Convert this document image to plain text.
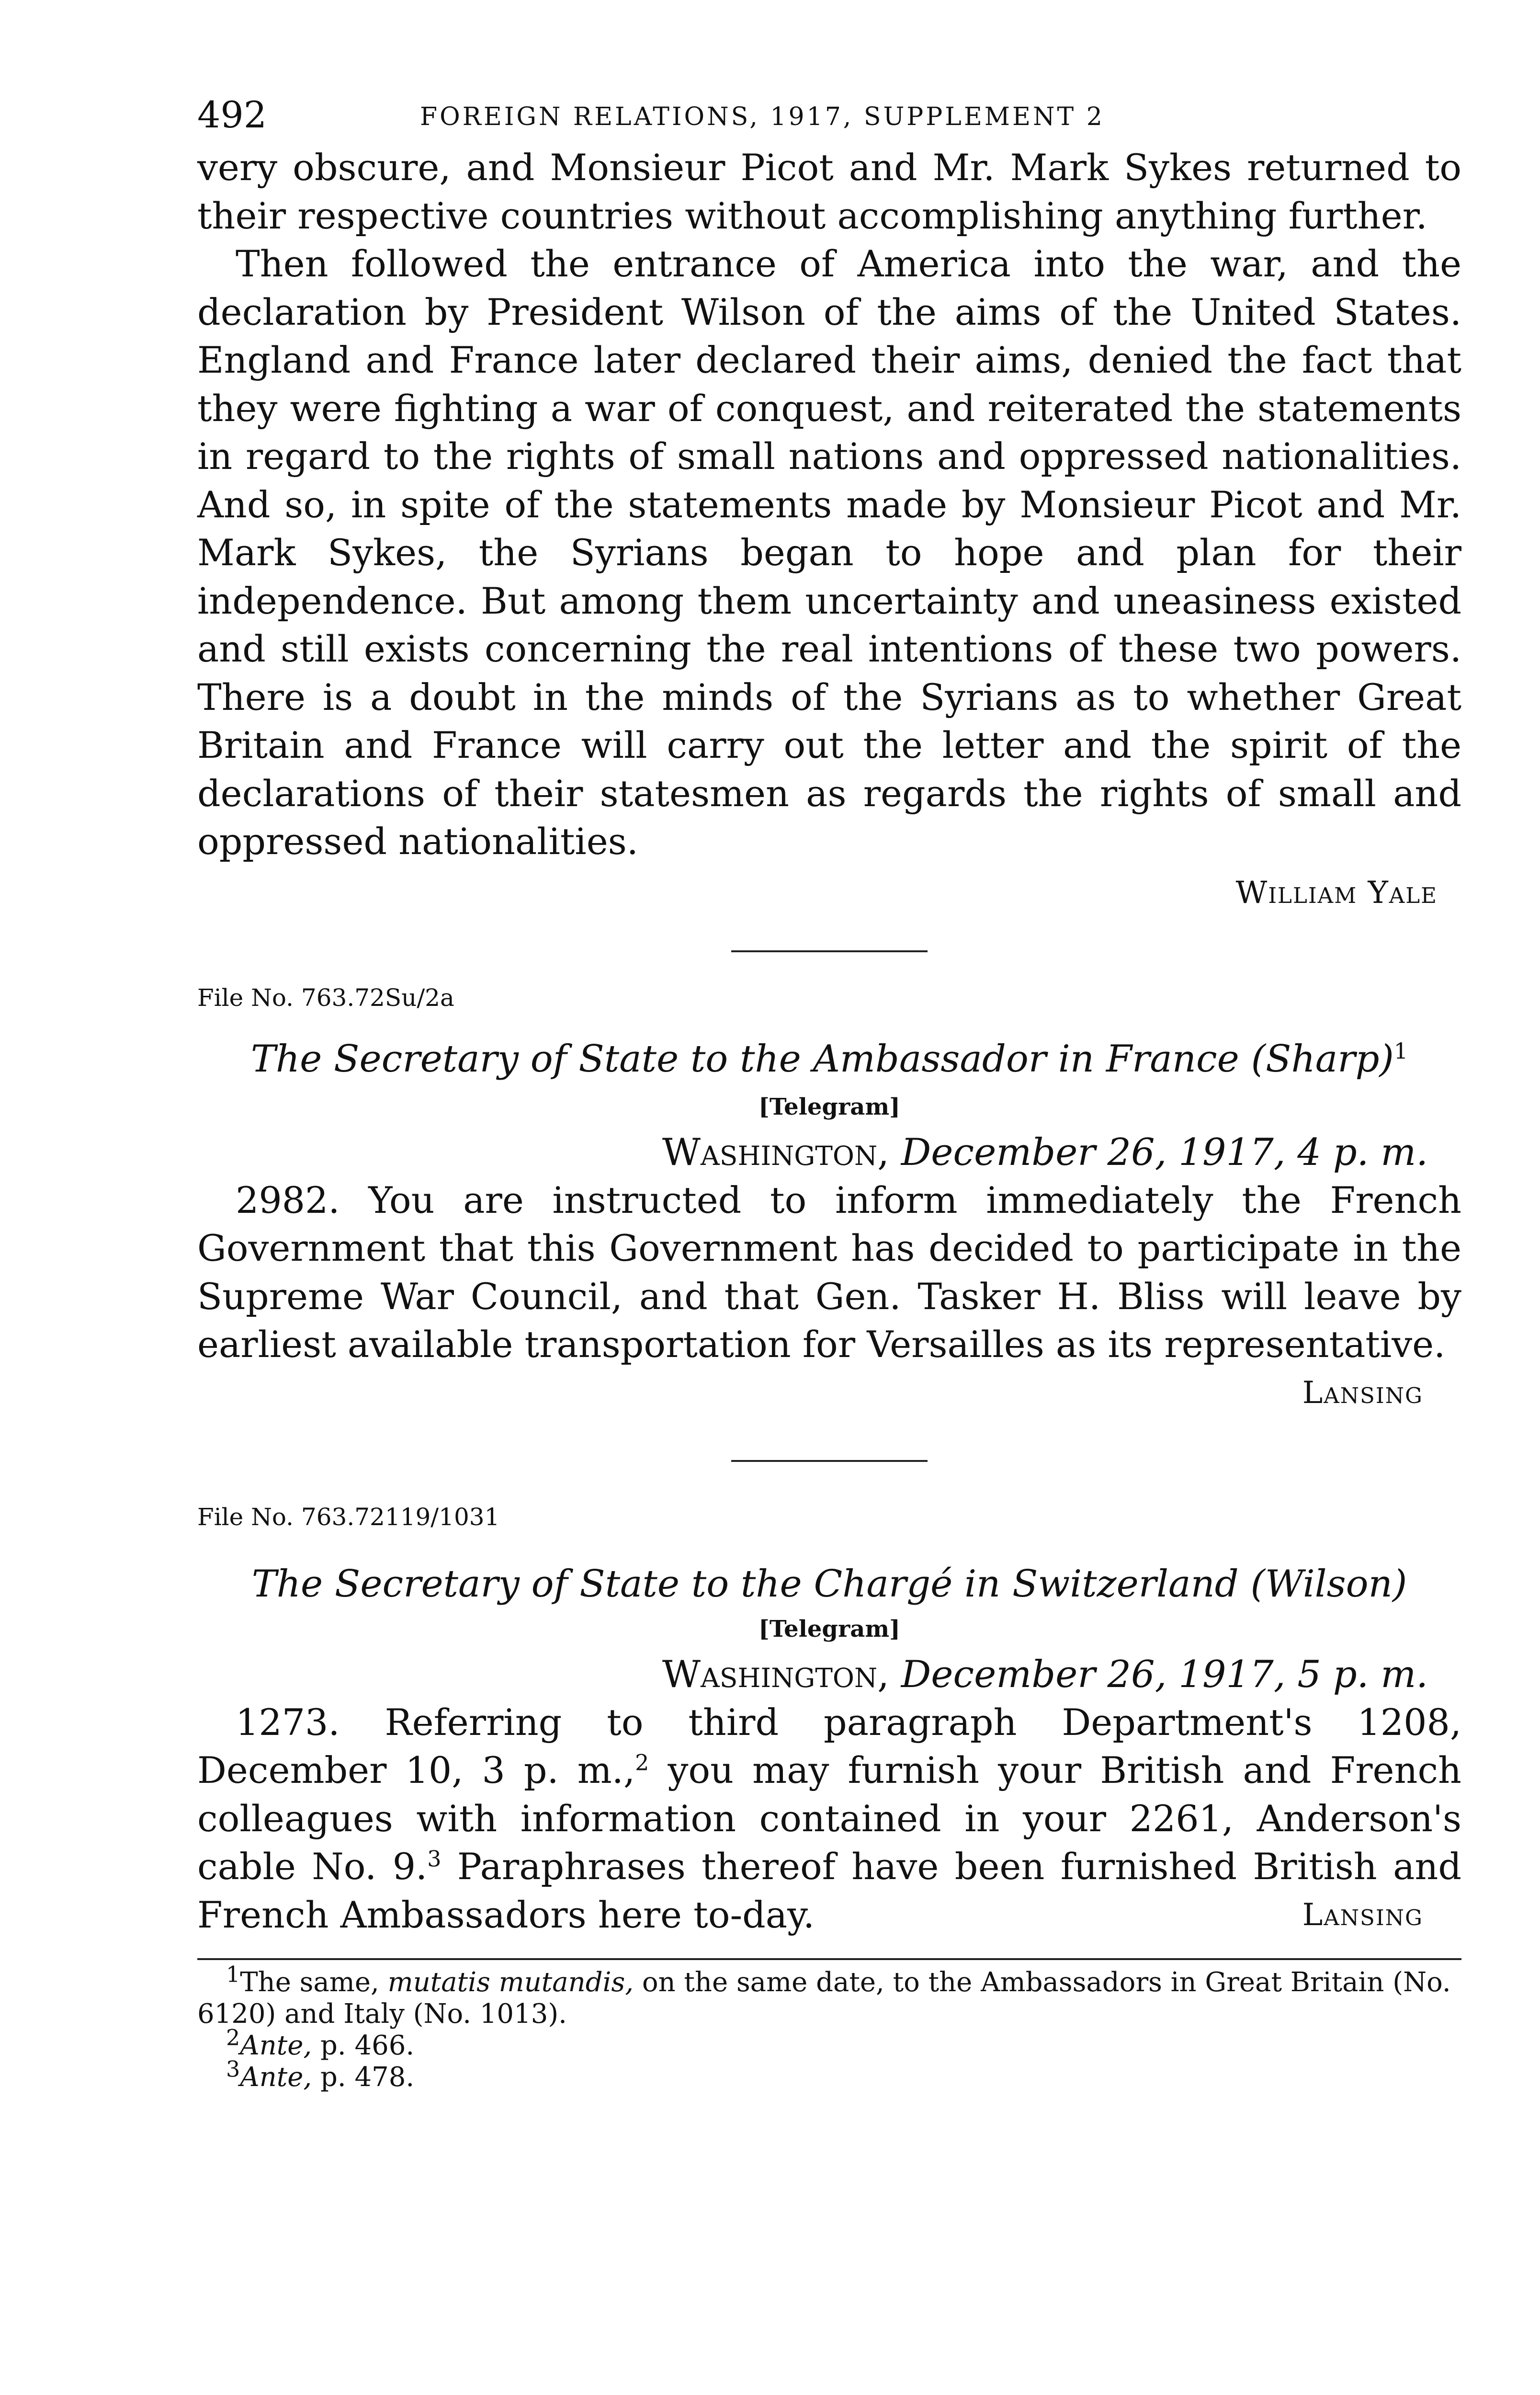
492	FOREIGN RELATIONS, 1917, SUPPLEMENT 2

very obscure, and Monsieur Picot and Mr. Mark Sykes returned to their respective countries without accomplishing anything further.

Then followed the entrance of America into the war, and the declaration by President Wilson of the aims of the United States. England and France later declared their aims, denied the fact that they were fighting a war of conquest, and reiterated the statements in regard to the rights of small nations and oppressed nationalities. And so, in spite of the statements made by Monsieur Picot and Mr. Mark Sykes, the Syrians began to hope and plan for their independence. But among them uncertainty and uneasiness existed and still exists concerning the real intentions of these two powers. There is a doubt in the minds of the Syrians as to whether Great Britain and France will carry out the letter and the spirit of the declarations of their statesmen as regards the rights of small and oppressed nationalities.

William Yale

File No. 763.72Su/2a

The Secretary of State to the Ambassador in France (Sharp)$^1$

[Telegram]

Washington, December 26, 1917, 4 p. m.

2982. You are instructed to inform immediately the French Government that this Government has decided to participate in the Supreme War Council, and that Gen. Tasker H. Bliss will leave by earliest available transportation for Versailles as its representative.

Lansing

File No. 763.72119/1031

The Secretary of State to the Chargé in Switzerland (Wilson)

[Telegram]

Washington, December 26, 1917, 5 p. m.

1273. Referring to third paragraph Department's 1208, December 10, 3 p. m.,$^2$ you may furnish your British and French colleagues with information contained in your 2261, Anderson's cable No. 9.$^3$ Paraphrases thereof have been furnished British and French Ambassadors here to-day.	Lansing

$^1$The same, mutatis mutandis, on the same date, to the Ambassadors in Great Britain (No. 6120) and Italy (No. 1013).

$^2$Ante, p. 466.

$^3$Ante, p. 478.
